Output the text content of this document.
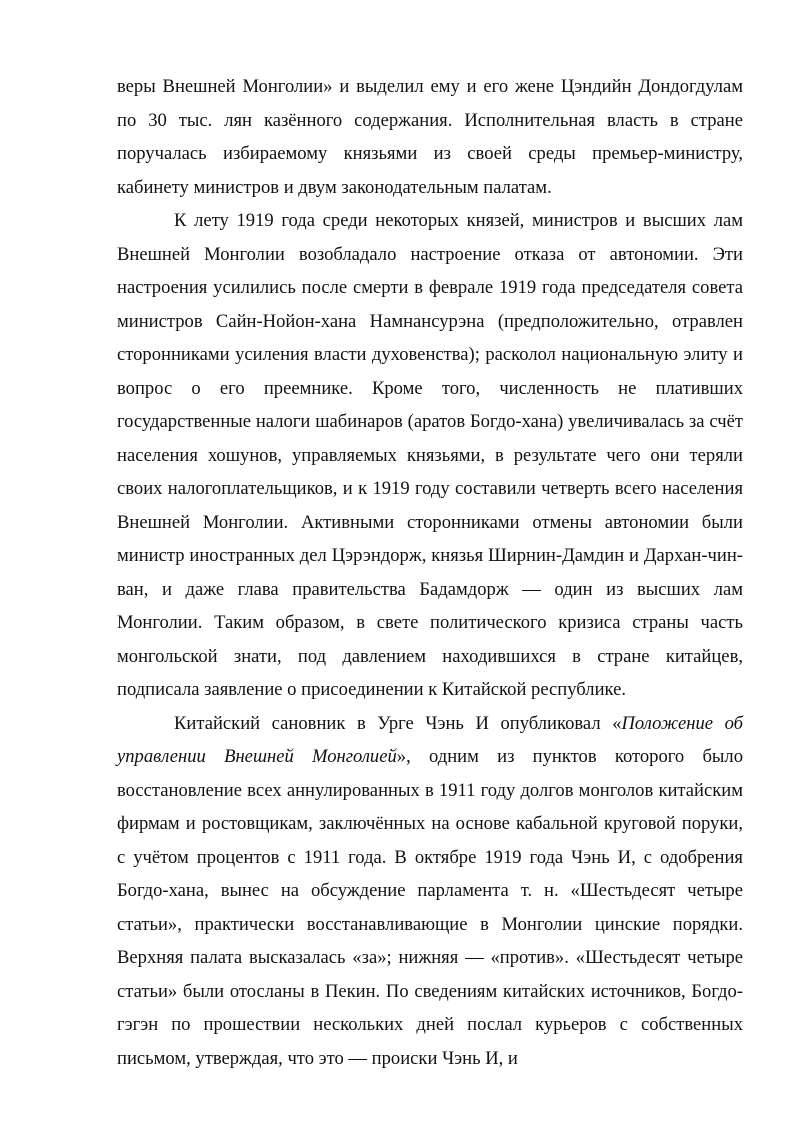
веры Внешней Монголии» и выделил ему и его жене Цэндийн Дондогдулам по 30 тыс. лян казённого содержания. Исполнительная власть в стране поручалась избираемому князьями из своей среды премьер-министру, кабинету министров и двум законодательным палатам.

К лету 1919 года среди некоторых князей, министров и высших лам Внешней Монголии возобладало настроение отказа от автономии. Эти настроения усилились после смерти в феврале 1919 года председателя совета министров Сайн-Нойон-хана Намнансурэна (предположительно, отравлен сторонниками усиления власти духовенства); расколол национальную элиту и вопрос о его преемнике. Кроме того, численность не плативших государственные налоги шабинаров (аратов Богдо-хана) увеличивалась за счёт населения хошунов, управляемых князьями, в результате чего они теряли своих налогоплательщиков, и к 1919 году составили четверть всего населения Внешней Монголии. Активными сторонниками отмены автономии были министр иностранных дел Цэрэндорж, князья Ширнин-Дамдин и Дархан-чин-ван, и даже глава правительства Бадамдорж — один из высших лам Монголии. Таким образом, в свете политического кризиса страны часть монгольской знати, под давлением находившихся в стране китайцев, подписала заявление о присоединении к Китайской республике.

Китайский сановник в Урге Чэнь И опубликовал «Положение об управлении Внешней Монголией», одним из пунктов которого было восстановление всех аннулированных в 1911 году долгов монголов китайским фирмам и ростовщикам, заключённых на основе кабальной круговой поруки, с учётом процентов с 1911 года. В октябре 1919 года Чэнь И, с одобрения Богдо-хана, вынес на обсуждение парламента т. н. «Шестьдесят четыре статьи», практически восстанавливающие в Монголии цинские порядки. Верхняя палата высказалась «за»; нижняя — «против». «Шестьдесят четыре статьи» были отосланы в Пекин. По сведениям китайских источников, Богдо-гэгэн по прошествии нескольких дней послал курьеров с собственных письмом, утверждая, что это — происки Чэнь И, и
